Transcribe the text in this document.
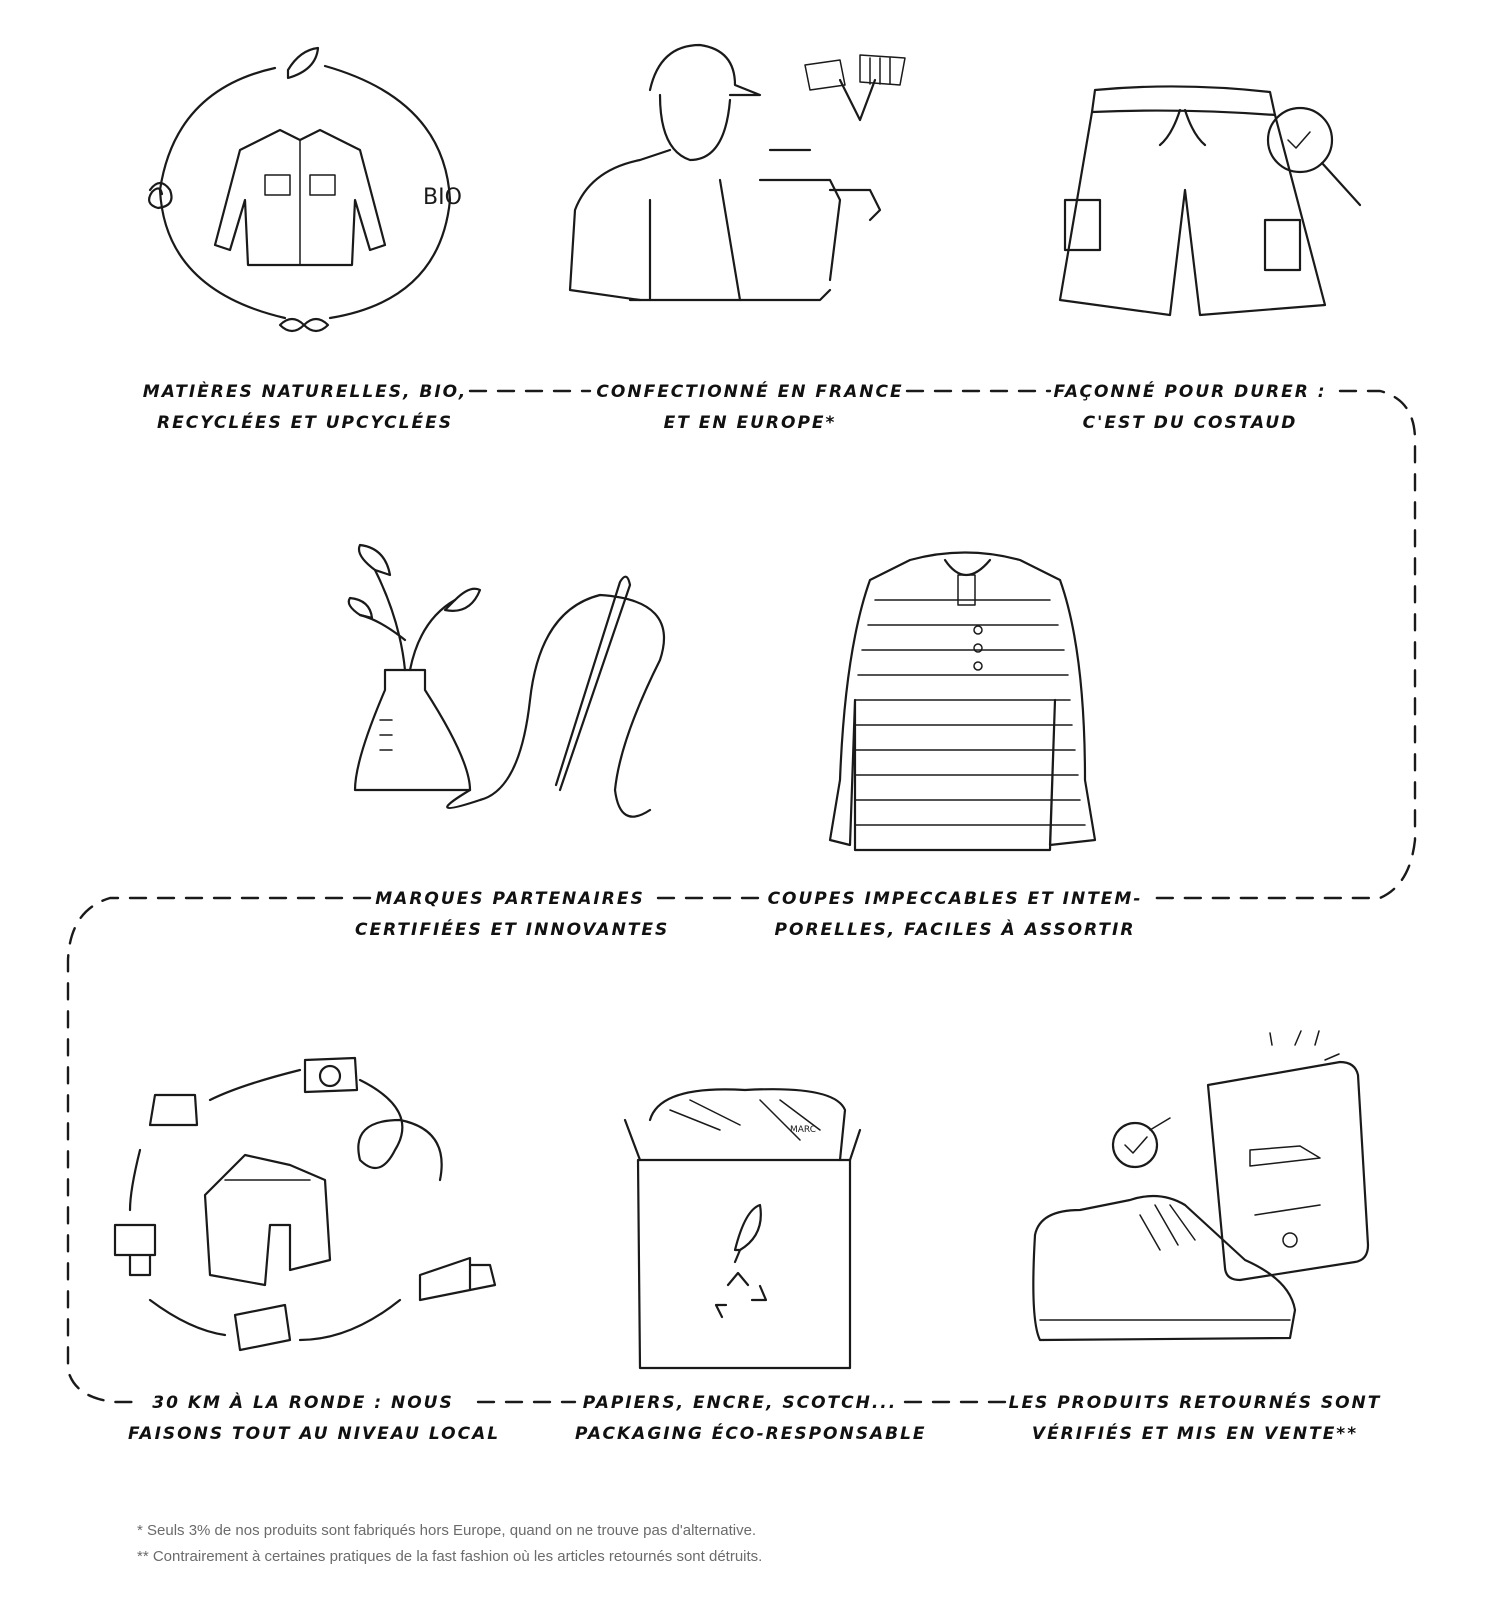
BIO
MARC
MATIÈRES NATURELLES, BIO,
RECYCLÉES ET UPCYCLÉES
CONFECTIONNÉ EN FRANCE
ET EN EUROPE*
FAÇONNÉ POUR DURER :
C'EST DU COSTAUD
MARQUES PARTENAIRES
CERTIFIÉES ET INNOVANTES
COUPES IMPECCABLES ET INTEM-
PORELLES, FACILES À ASSORTIR
30 KM À LA RONDE : NOUS
FAISONS TOUT AU NIVEAU LOCAL
PAPIERS, ENCRE, SCOTCH...
PACKAGING ÉCO-RESPONSABLE
LES PRODUITS RETOURNÉS SONT
VÉRIFIÉS ET MIS EN VENTE**
* Seuls 3% de nos produits sont fabriqués hors Europe, quand on ne trouve pas d'alternative.
** Contrairement à certaines pratiques de la fast fashion où les articles retournés sont détruits.
